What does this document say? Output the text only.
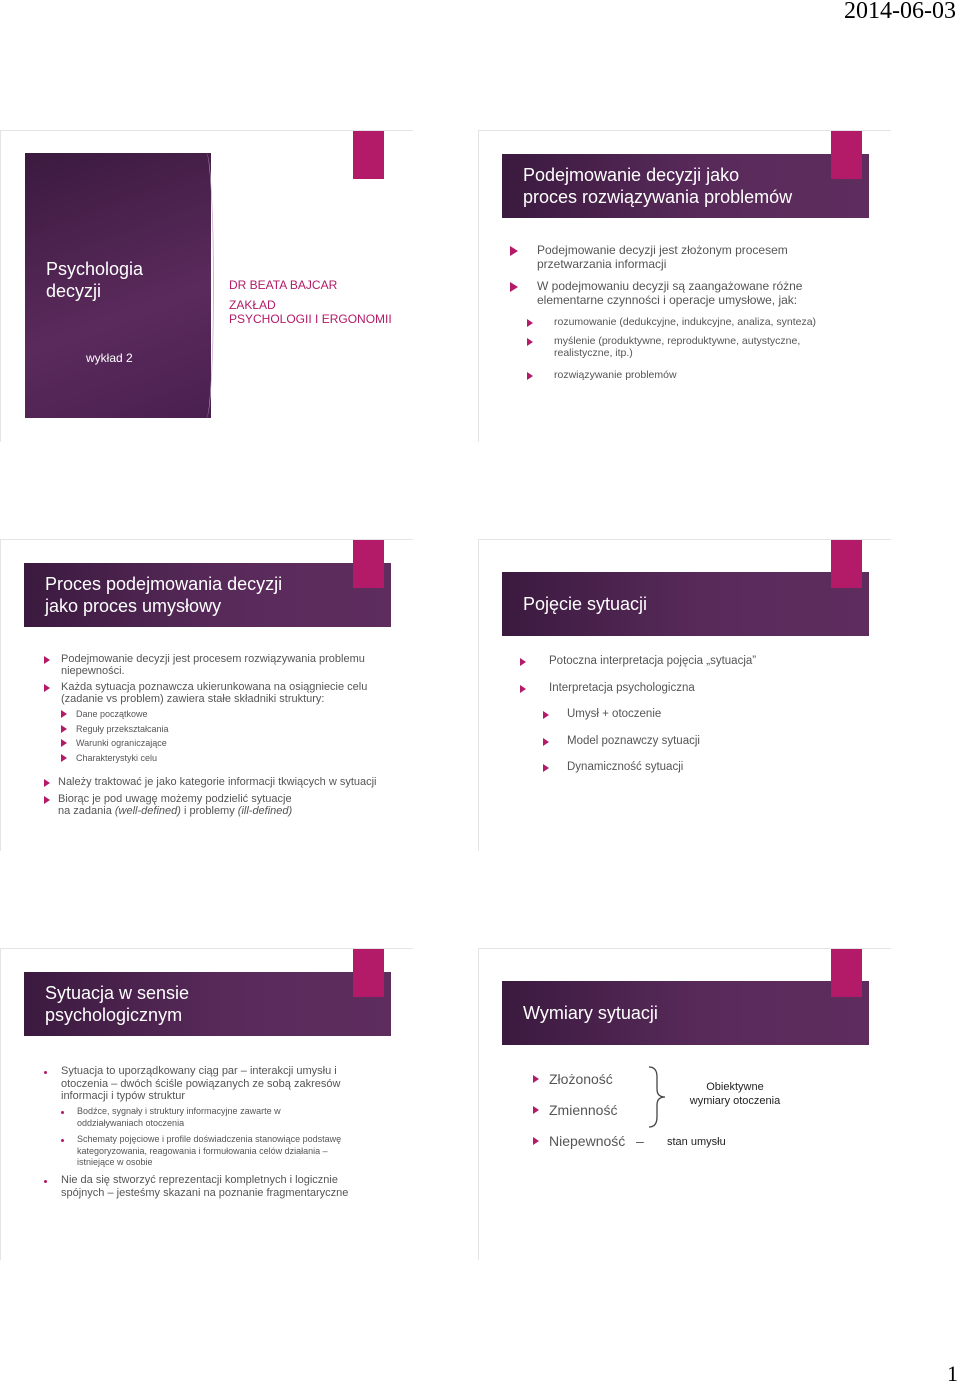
2014-06-03
Psychologia
decyzji
wykład 2
DR BEATA BAJCAR
ZAKŁAD
PSYCHOLOGII I ERGONOMII
Podejmowanie decyzji jako
proces rozwiązywania problemów
Podejmowanie decyzji jest złożonym procesem
przetwarzania informacji
W podejmowaniu decyzji są zaangażowane różne
elementarne czynności i operacje umysłowe, jak:
rozumowanie (dedukcyjne, indukcyjne, analiza, synteza)
myślenie (produktywne, reproduktywne, autystyczne,
realistyczne, itp.)
rozwiązywanie problemów
Proces podejmowania decyzji
jako proces umysłowy
Podejmowanie decyzji jest procesem rozwiązywania problemu
niepewności.
Każda sytuacja poznawcza ukierunkowana na osiągniecie celu
(zadanie vs problem) zawiera stałe składniki struktury:
Dane początkowe
Reguły przekształcania
Warunki ograniczające
Charakterystyki celu
Należy traktować je jako kategorie informacji tkwiących w sytuacji
Biorąc je pod uwagę możemy podzielić sytuacje
na zadania (well-defined) i problemy (ill-defined)
Pojęcie sytuacji
Potoczna interpretacja pojęcia „sytuacja”
Interpretacja psychologiczna
Umysł + otoczenie
Model poznawczy sytuacji
Dynamiczność sytuacji
Sytuacja w sensie
psychologicznym
Sytuacja to uporządkowany ciąg par – interakcji umysłu i
otoczenia – dwóch ściśle powiązanych ze sobą zakresów
informacji i typów struktur
Bodźce, sygnały i struktury informacyjne zawarte w
oddziaływaniach otoczenia
Schematy pojęciowe i profile doświadczenia stanowiące podstawę
kategoryzowania, reagowania i formułowania celów działania –
istniejące w osobie
Nie da się stworzyć reprezentacji kompletnych i logicznie
spójnych – jesteśmy skazani na poznanie fragmentaryczne
Wymiary sytuacji
Złożoność
Zmienność
Niepewność –
Obiektywne
wymiary otoczenia
stan umysłu
1
